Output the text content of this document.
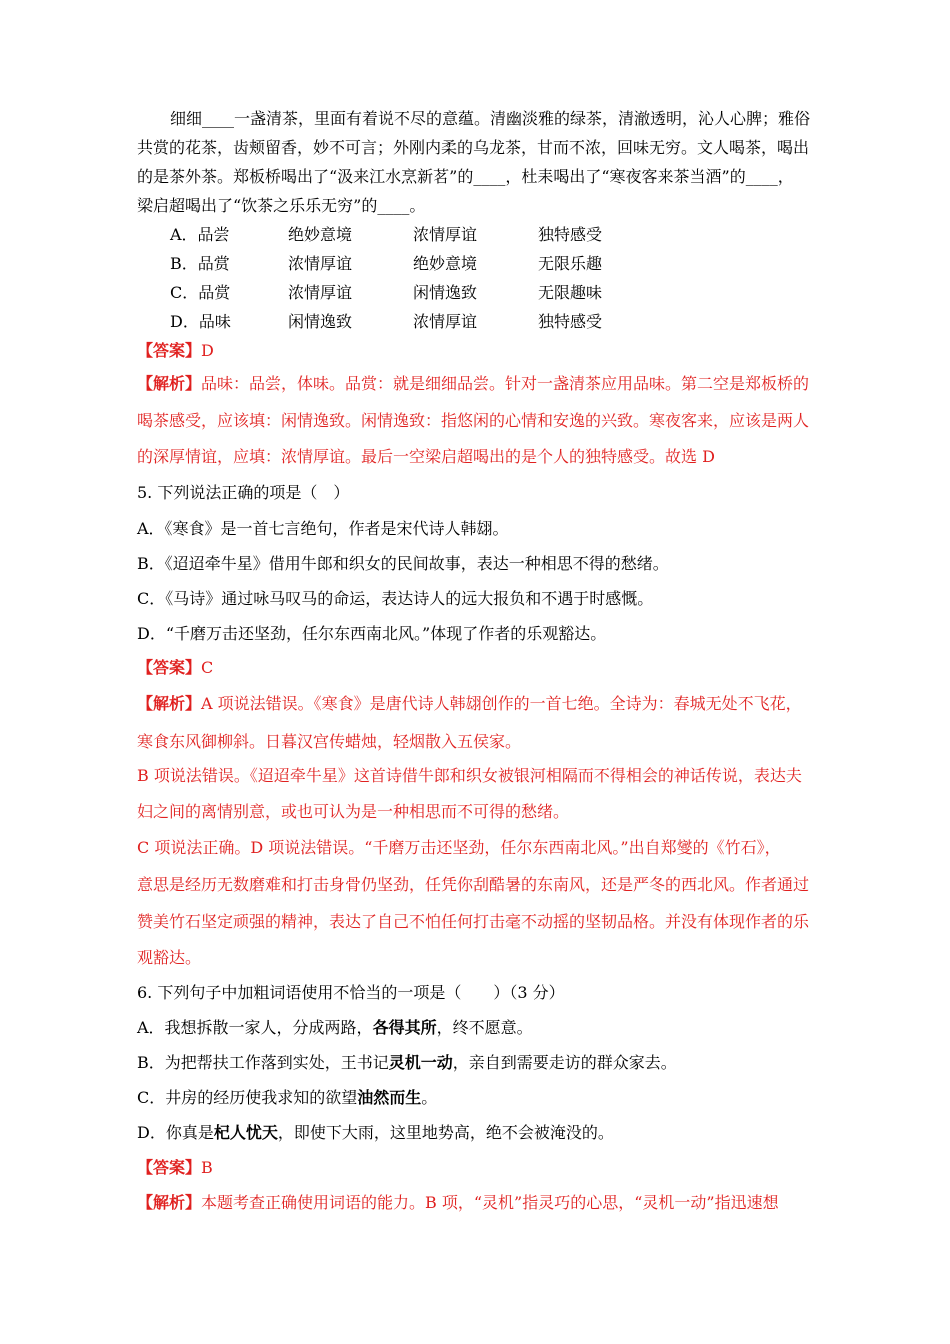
细细____一盏清茶，里面有着说不尽的意蕴。清幽淡雅的绿茶，清澈透明，沁人心脾；雅俗
共赏的花茶，齿颊留香，妙不可言；外刚内柔的乌龙茶，甘而不浓，回味无穷。文人喝茶，喝出
的是茶外茶。郑板桥喝出了“汲来江水烹新茗”的____，杜耒喝出了“寒夜客来茶当酒”的____，
梁启超喝出了“饮茶之乐乐无穷”的____。
A．品尝	绝妙意境	浓情厚谊	独特感受
B．品赏	浓情厚谊	绝妙意境	无限乐趣
C．品赏	浓情厚谊	闲情逸致	无限趣味
D．品味	闲情逸致	浓情厚谊	独特感受
【答案】D
【解析】品味：品尝，体味。品赏：就是细细品尝。针对一盏清茶应用品味。第二空是郑板桥的
喝茶感受，应该填：闲情逸致。闲情逸致：指悠闲的心情和安逸的兴致。寒夜客来，应该是两人
的深厚情谊，应填：浓情厚谊。最后一空梁启超喝出的是个人的独特感受。故选 D
5. 下列说法正确的项是（　）
A．《寒食》是一首七言绝句，作者是宋代诗人韩翃。
B．《迢迢牵牛星》借用牛郎和织女的民间故事，表达一种相思不得的愁绪。
C．《马诗》通过咏马叹马的命运，表达诗人的远大报负和不遇于时感慨。
D．“千磨万击还坚劲，任尔东西南北风。”体现了作者的乐观豁达。
【答案】C
【解析】A 项说法错误。《寒食》是唐代诗人韩翃创作的一首七绝。全诗为：春城无处不飞花，
寒食东风御柳斜。日暮汉宫传蜡烛，轻烟散入五侯家。
B 项说法错误。《迢迢牵牛星》这首诗借牛郎和织女被银河相隔而不得相会的神话传说，表达夫
妇之间的离情别意，或也可认为是一种相思而不可得的愁绪。
C 项说法正确。D 项说法错误。“千磨万击还坚劲，任尔东西南北风。”出自郑燮的《竹石》，
意思是经历无数磨难和打击身骨仍坚劲，任凭你刮酷暑的东南风，还是严冬的西北风。作者通过
赞美竹石坚定顽强的精神，表达了自己不怕任何打击毫不动摇的坚韧品格。并没有体现作者的乐
观豁达。
6. 下列句子中加粗词语使用不恰当的一项是（　　）（3 分）
A．我想拆散一家人，分成两路，各得其所，终不愿意。
B．为把帮扶工作落到实处，王书记灵机一动，亲自到需要走访的群众家去。
C．井房的经历使我求知的欲望油然而生。
D．你真是杞人忧天，即使下大雨，这里地势高，绝不会被淹没的。
【答案】B
【解析】本题考查正确使用词语的能力。B 项，“灵机”指灵巧的心思，“灵机一动”指迅速想
